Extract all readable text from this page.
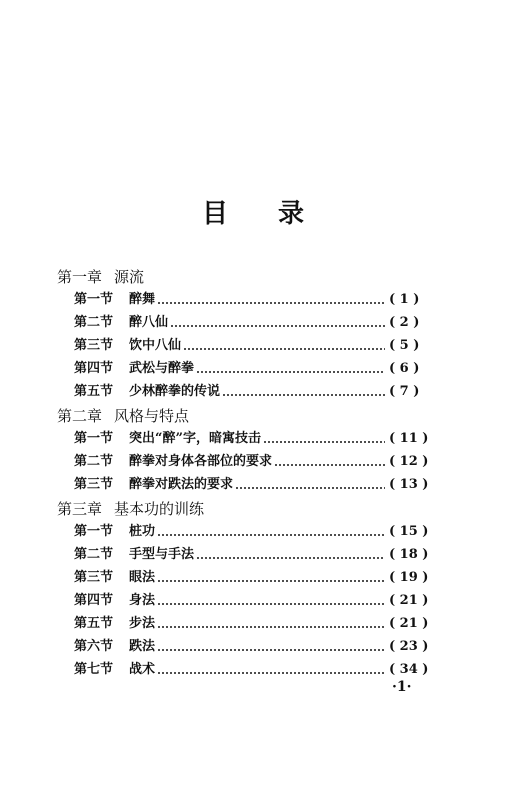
目 录
第一章 源流
第一节 醉舞	( 1 )
第二节 醉八仙	( 2 )
第三节 饮中八仙	( 5 )
第四节 武松与醉拳	( 6 )
第五节 少林醉拳的传说	( 7 )
第二章 风格与特点
第一节 突出“醉”字，暗寓技击	( 11 )
第二节 醉拳对身体各部位的要求	( 12 )
第三节 醉拳对跌法的要求	( 13 )
第三章 基本功的训练
第一节 桩功	( 15 )
第二节 手型与手法	( 18 )
第三节 眼法	( 19 )
第四节 身法	( 21 )
第五节 步法	( 21 )
第六节 跌法	( 23 )
第七节 战术	( 34 )
·1·
